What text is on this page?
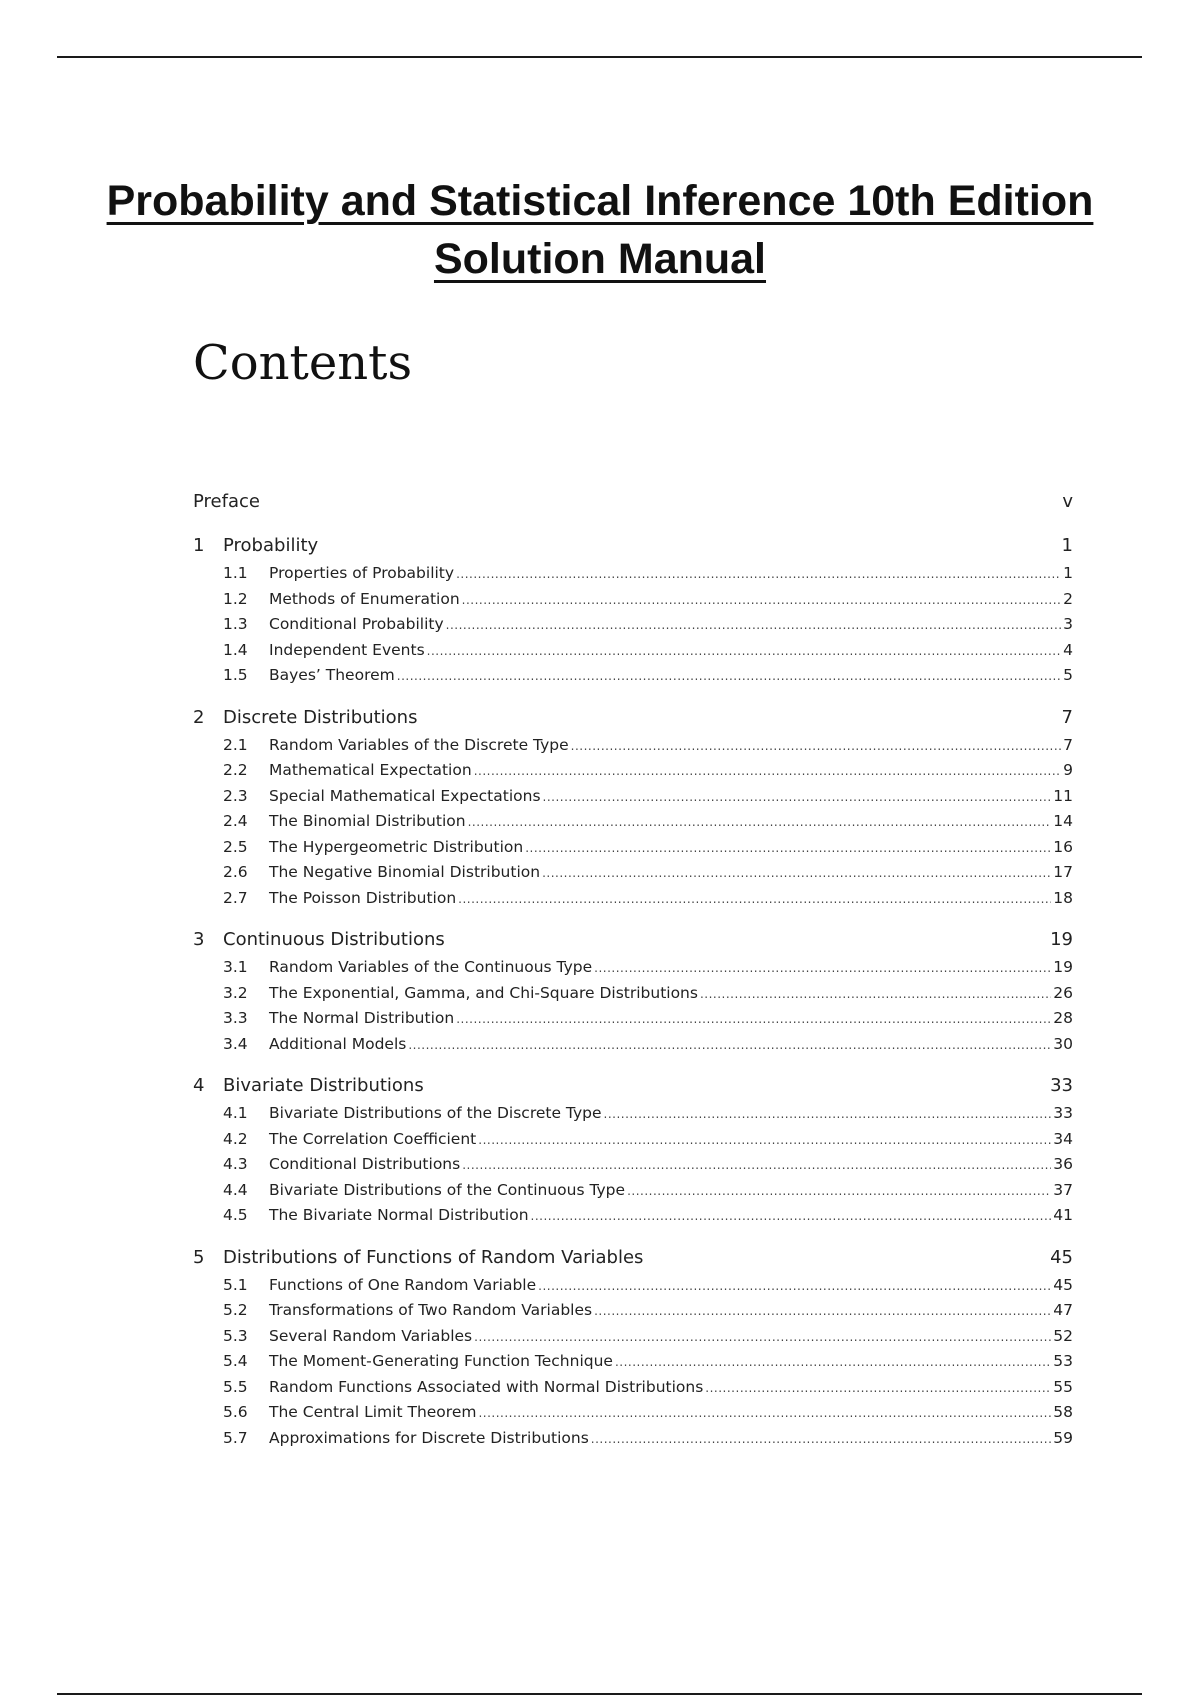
Probability and Statistical Inference 10th Edition
Solution Manual
Contents
Preface	v
1 Probability	1
1.1	Properties of Probability .....	1
1.2	Methods of Enumeration .....	2
1.3	Conditional Probability .....	3
1.4	Independent Events .....	4
1.5	Bayes’ Theorem .....	5
2 Discrete Distributions	7
2.1	Random Variables of the Discrete Type .....	7
2.2	Mathematical Expectation .....	9
2.3	Special Mathematical Expectations .....	11
2.4	The Binomial Distribution .....	14
2.5	The Hypergeometric Distribution .....	16
2.6	The Negative Binomial Distribution .....	17
2.7	The Poisson Distribution .....	18
3 Continuous Distributions	19
3.1	Random Variables of the Continuous Type .....	19
3.2	The Exponential, Gamma, and Chi-Square Distributions .....	26
3.3	The Normal Distribution .....	28
3.4	Additional Models .....	30
4 Bivariate Distributions	33
4.1	Bivariate Distributions of the Discrete Type .....	33
4.2	The Correlation Coefficient .....	34
4.3	Conditional Distributions .....	36
4.4	Bivariate Distributions of the Continuous Type .....	37
4.5	The Bivariate Normal Distribution .....	41
5 Distributions of Functions of Random Variables	45
5.1	Functions of One Random Variable .....	45
5.2	Transformations of Two Random Variables .....	47
5.3	Several Random Variables .....	52
5.4	The Moment-Generating Function Technique .....	53
5.5	Random Functions Associated with Normal Distributions .....	55
5.6	The Central Limit Theorem .....	58
5.7	Approximations for Discrete Distributions .....	59
